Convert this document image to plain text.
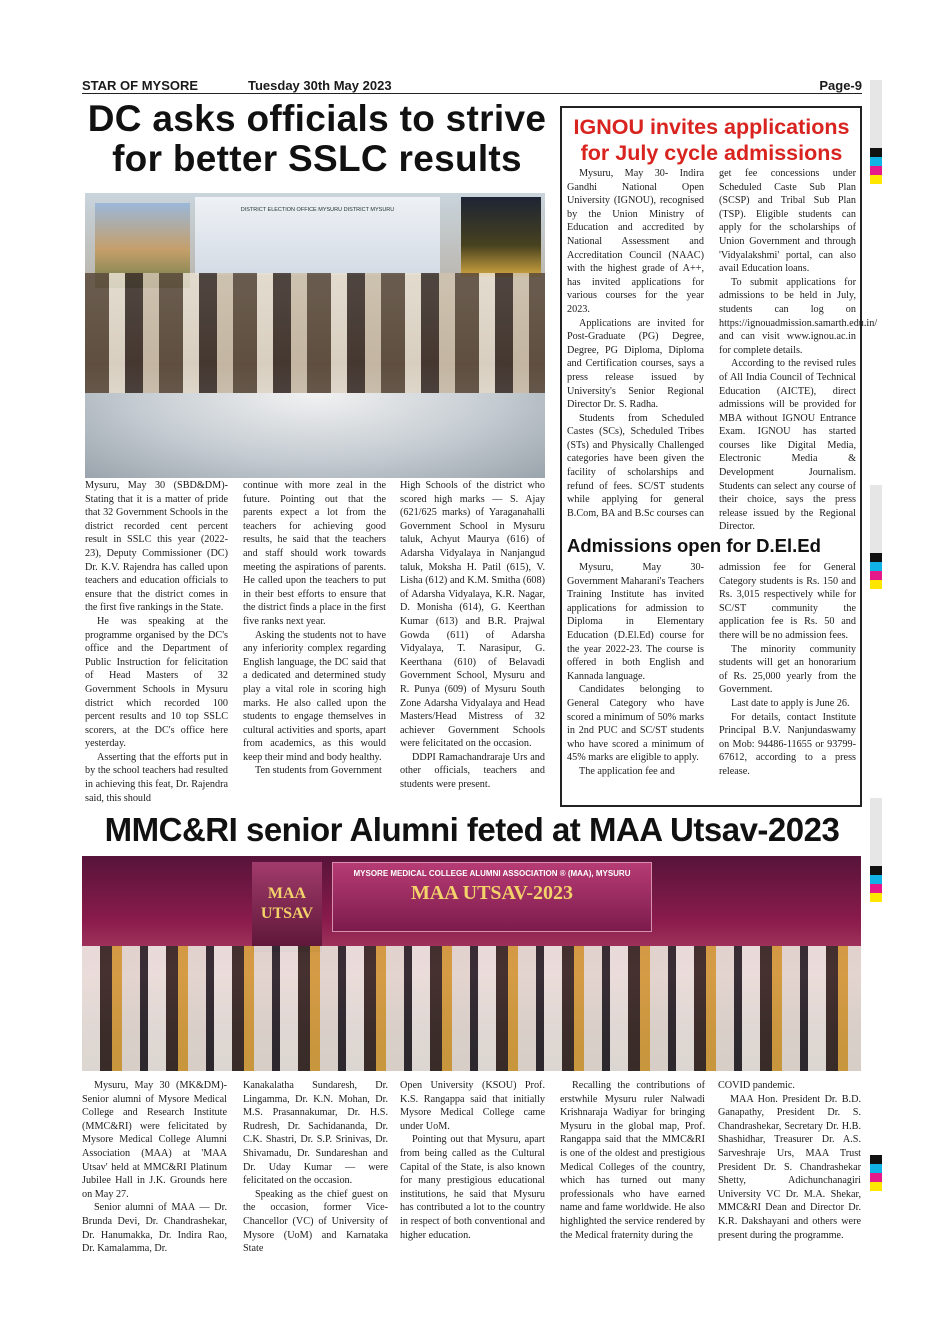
STAR OF MYSORE	Tuesday 30th May 2023	Page-9
DC asks officials to strive
for better SSLC results
DISTRICT ELECTION OFFICE MYSURU DISTRICT MYSURU

Mysuru, May 30 (SBD&DM)-Stating that it is a matter of pride that 32 Government Schools in the district recorded cent percent result in SSLC this year (2022-23), Deputy Commissioner (DC) Dr. K.V. Rajendra has called upon teachers and education officials to ensure that the district comes in the first five rankings in the State.

He was speaking at the programme organised by the DC's office and the Department of Public Instruction for felicitation of Head Masters of 32 Government Schools in Mysuru district which recorded 100 percent results and 10 top SSLC scorers, at the DC's office here yesterday.

Asserting that the efforts put in by the school teachers had resulted in achieving this feat, Dr. Rajendra said, this should

continue with more zeal in the future. Pointing out that the parents expect a lot from the teachers for achieving good results, he said that the teachers and staff should work towards meeting the aspirations of parents. He called upon the teachers to put in their best efforts to ensure that the district finds a place in the first five ranks next year.

Asking the students not to have any inferiority complex regarding English language, the DC said that a dedicated and determined study play a vital role in scoring high marks. He also called upon the students to engage themselves in cultural activities and sports, apart from academics, as this would keep their mind and body healthy.

Ten students from Government

High Schools of the district who scored high marks — S. Ajay (621/625 marks) of Yaraganahalli Government School in Mysuru taluk, Achyut Maurya (616) of Adarsha Vidyalaya in Nanjangud taluk, Moksha H. Patil (615), V. Lisha (612) and K.M. Smitha (608) of Adarsha Vidyalaya, K.R. Nagar, D. Monisha (614), G. Keerthan Kumar (613) and B.R. Prajwal Gowda (611) of Adarsha Vidyalaya, T. Narasipur, G. Keerthana (610) of Belavadi Government School, Mysuru and R. Punya (609) of Mysuru South Zone Adarsha Vidyalaya and Head Masters/Head Mistress of 32 achiever Government Schools were felicitated on the occasion.

DDPI Ramachandraraje Urs and other officials, teachers and students were present.

IGNOU invites applications
for July cycle admissions

Mysuru, May 30- Indira Gandhi National Open University (IGNOU), recognised by the Union Ministry of Education and accredited by National Assessment and Accreditation Council (NAAC) with the highest grade of A++, has invited applications for various courses for the year 2023.

Applications are invited for Post-Graduate (PG) Degree, Degree, PG Diploma, Diploma and Certification courses, says a press release issued by University's Senior Regional Director Dr. S. Radha.

Students from Scheduled Castes (SCs), Scheduled Tribes (STs) and Physically Challenged categories have been given the facility of scholarships and refund of fees. SC/ST students while applying for general B.Com, BA and B.Sc courses can

get fee concessions under Scheduled Caste Sub Plan (SCSP) and Tribal Sub Plan (TSP). Eligible students can apply for the scholarships of Union Government and through 'Vidyalakshmi' portal, can also avail Education loans.

To submit applications for admissions to be held in July, students can log on https://ignouadmission.samarth.edu.in/ and can visit www.ignou.ac.in for complete details.

According to the revised rules of All India Council of Technical Education (AICTE), direct admissions will be provided for MBA without IGNOU Entrance Exam. IGNOU has started courses like Digital Media, Electronic Media & Development Journalism. Students can select any course of their choice, says the press release issued by the Regional Director.

Admissions open for D.El.Ed

Mysuru, May 30- Government Maharani's Teachers Training Institute has invited applications for admission to Diploma in Elementary Education (D.El.Ed) course for the year 2022-23. The course is offered in both English and Kannada language.

Candidates belonging to General Category who have scored a minimum of 50% marks in 2nd PUC and SC/ST students who have scored a minimum of 45% marks are eligible to apply.

The application fee and

admission fee for General Category students is Rs. 150 and Rs. 3,015 respectively while for SC/ST community the application fee is Rs. 50 and there will be no admission fees.

The minority community students will get an honorarium of Rs. 25,000 yearly from the Government.

Last date to apply is June 26.

For details, contact Institute Principal B.V. Nanjundaswamy on Mob: 94486-11655 or 93799-67612, according to a press release.

MMC&RI senior Alumni feted at MAA Utsav-2023
MAA UTSAV
MYSORE MEDICAL COLLEGE ALUMNI ASSOCIATION ® (MAA), MYSURU
MAA UTSAV-2023

Mysuru, May 30 (MK&DM)-Senior alumni of Mysore Medical College and Research Institute (MMC&RI) were felicitated by Mysore Medical College Alumni Association (MAA) at 'MAA Utsav' held at MMC&RI Platinum Jubilee Hall in J.K. Grounds here on May 27.

Senior alumni of MAA — Dr. Brunda Devi, Dr. Chandrashekar, Dr. Hanumakka, Dr. Indira Rao, Dr. Kamalamma, Dr.

Kanakalatha Sundaresh, Dr. Lingamma, Dr. K.N. Mohan, Dr. M.S. Prasannakumar, Dr. H.S. Rudresh, Dr. Sachidananda, Dr. C.K. Shastri, Dr. S.P. Srinivas, Dr. Shivamadu, Dr. Sundareshan and Dr. Uday Kumar — were felicitated on the occasion.

Speaking as the chief guest on the occasion, former Vice-Chancellor (VC) of University of Mysore (UoM) and Karnataka State

Open University (KSOU) Prof. K.S. Rangappa said that initially Mysore Medical College came under UoM.

Pointing out that Mysuru, apart from being called as the Cultural Capital of the State, is also known for many prestigious educational institutions, he said that Mysuru has contributed a lot to the country in respect of both conventional and higher education.

Recalling the contributions of erstwhile Mysuru ruler Nalwadi Krishnaraja Wadiyar for bringing Mysuru in the global map, Prof. Rangappa said that the MMC&RI is one of the oldest and prestigious Medical Colleges of the country, which has turned out many professionals who have earned name and fame worldwide. He also highlighted the service rendered by the Medical fraternity during the

COVID pandemic.

MAA Hon. President Dr. B.D. Ganapathy, President Dr. S. Chandrashekar, Secretary Dr. H.B. Shashidhar, Treasurer Dr. A.S. Sarveshraje Urs, MAA Trust President Dr. S. Chandrashekar Shetty, Adichunchanagiri University VC Dr. M.A. Shekar, MMC&RI Dean and Director Dr. K.R. Dakshayani and others were present during the programme.
